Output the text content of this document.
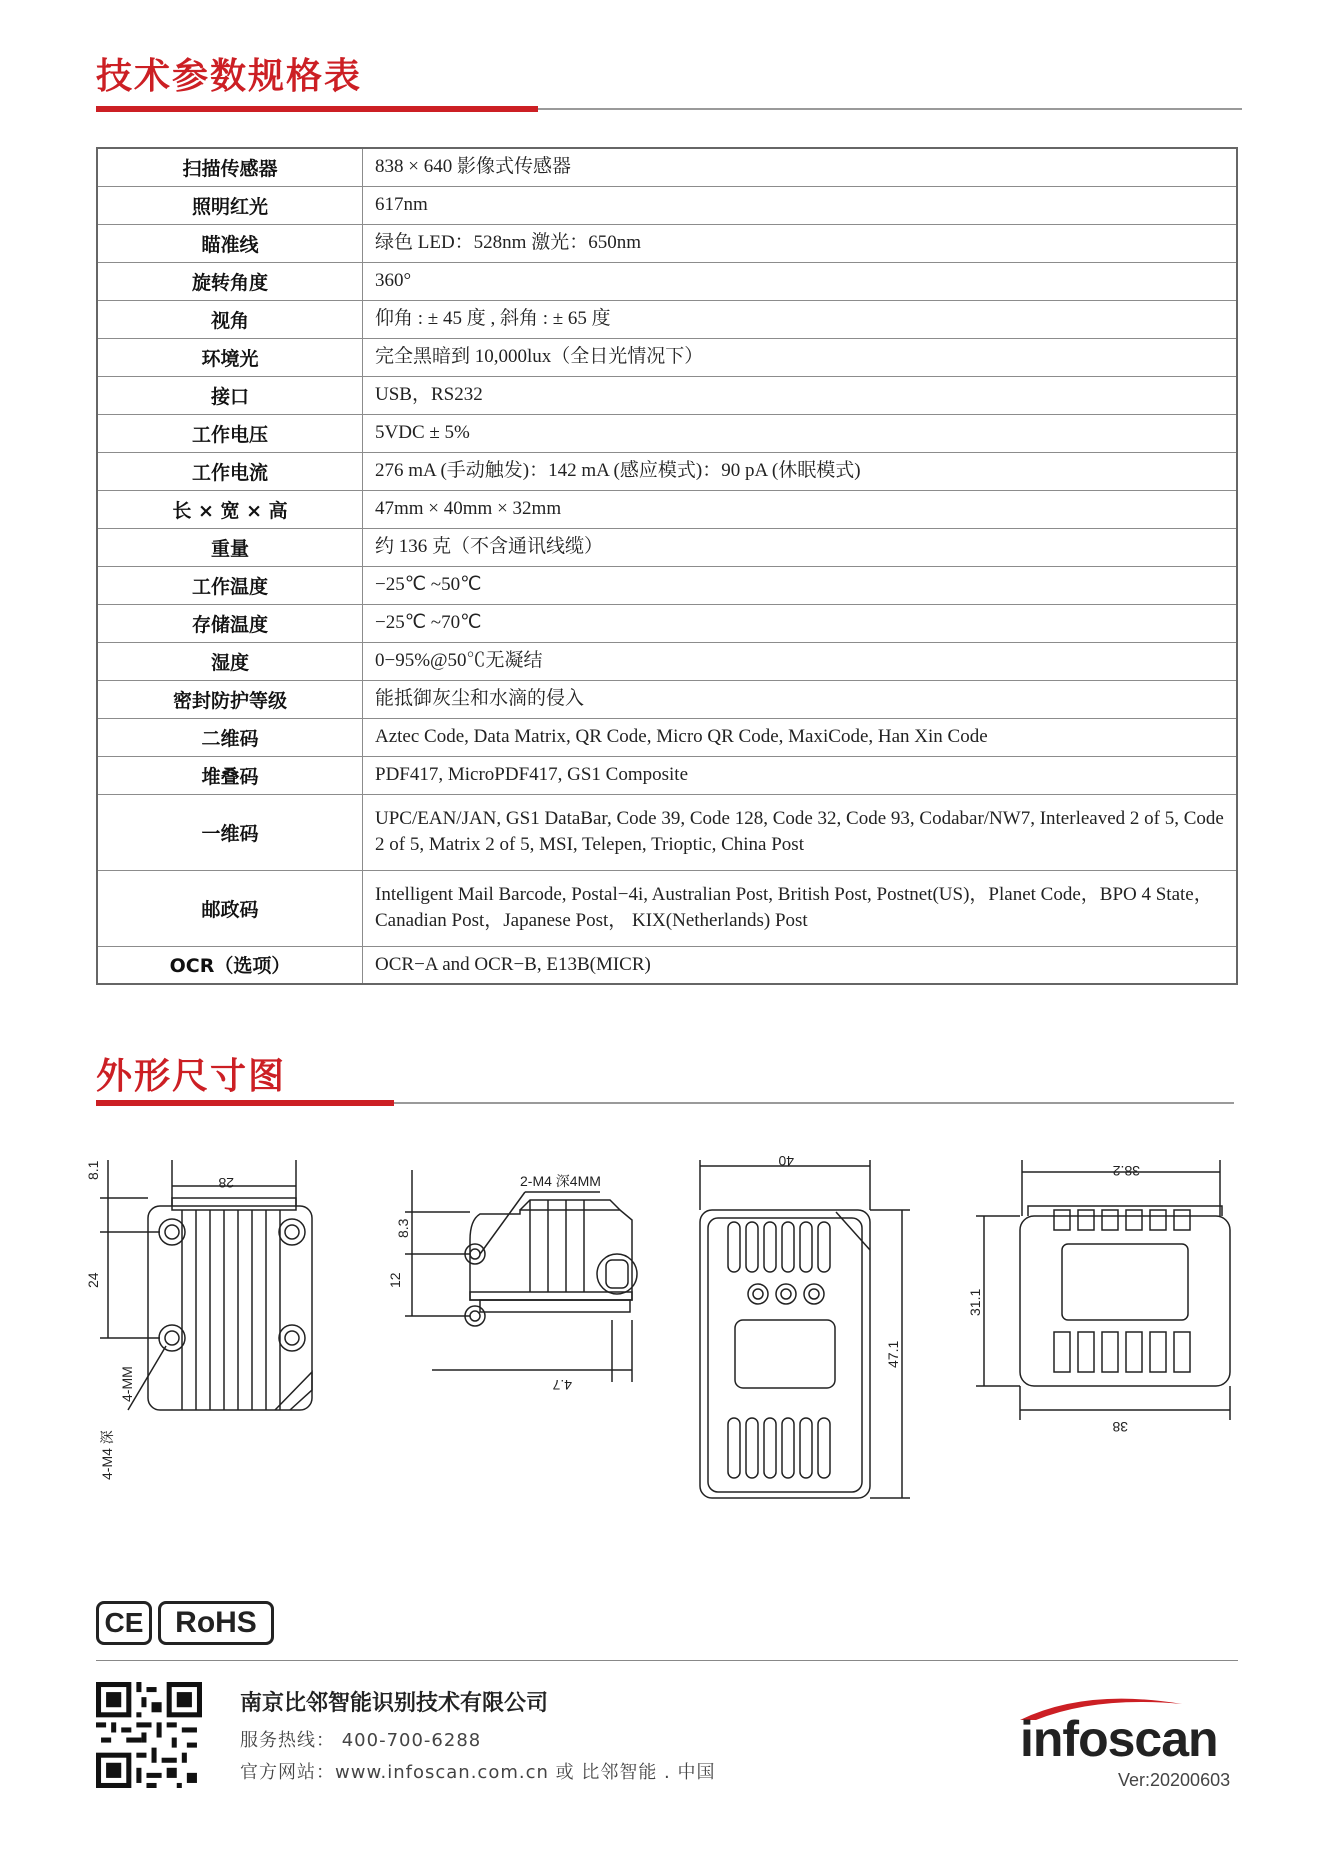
技术参数规格表
扫描传感器	838 × 640 影像式传感器
照明红光	617nm
瞄准线	绿色 LED：528nm 激光：650nm
旋转角度	360°
视角	仰角 : ± 45 度 , 斜角 : ± 65 度
环境光	完全黑暗到 10,000lux（全日光情况下）
接口	USB，RS232
工作电压	5VDC ± 5%
工作电流	276 mA (手动触发)：142 mA (感应模式)：90 pA (休眠模式)
长 × 宽 × 高	47mm × 40mm × 32mm
重量	约 136 克（不含通讯线缆）
工作温度	−25℃ ~50℃
存储温度	−25℃ ~70℃
湿度	0−95%@50℃无凝结
密封防护等级	能抵御灰尘和水滴的侵入
二维码	Aztec Code, Data Matrix, QR Code, Micro QR Code, MaxiCode, Han Xin Code
堆叠码	PDF417, MicroPDF417, GS1 Composite
一维码	UPC/EAN/JAN, GS1 DataBar, Code 39, Code 128, Code 32, Code 93, Codabar/NW7, Interleaved 2 of 5, Code 2 of 5, Matrix 2 of 5, MSI, Telepen, Trioptic, China Post
邮政码	Intelligent Mail Barcode, Postal−4i, Australian Post, British Post, Postnet(US)，Planet Code，BPO 4 State，Canadian Post，Japanese Post， KIX(Netherlands) Post
OCR（选项）	OCR−A and OCR−B, E13B(MICR)
外形尺寸图
28
8.1
24
4-MM
4-M4 深
2-M4 深4MM
8.3
12
4.7
40
47.1
38.2
31.1
38
CE	RoHS
南京比邻智能识别技术有限公司
服务热线： 400-700-6288
官方网站：www.infoscan.com.cn 或 比邻智能 . 中国
infoscan
Ver:20200603
